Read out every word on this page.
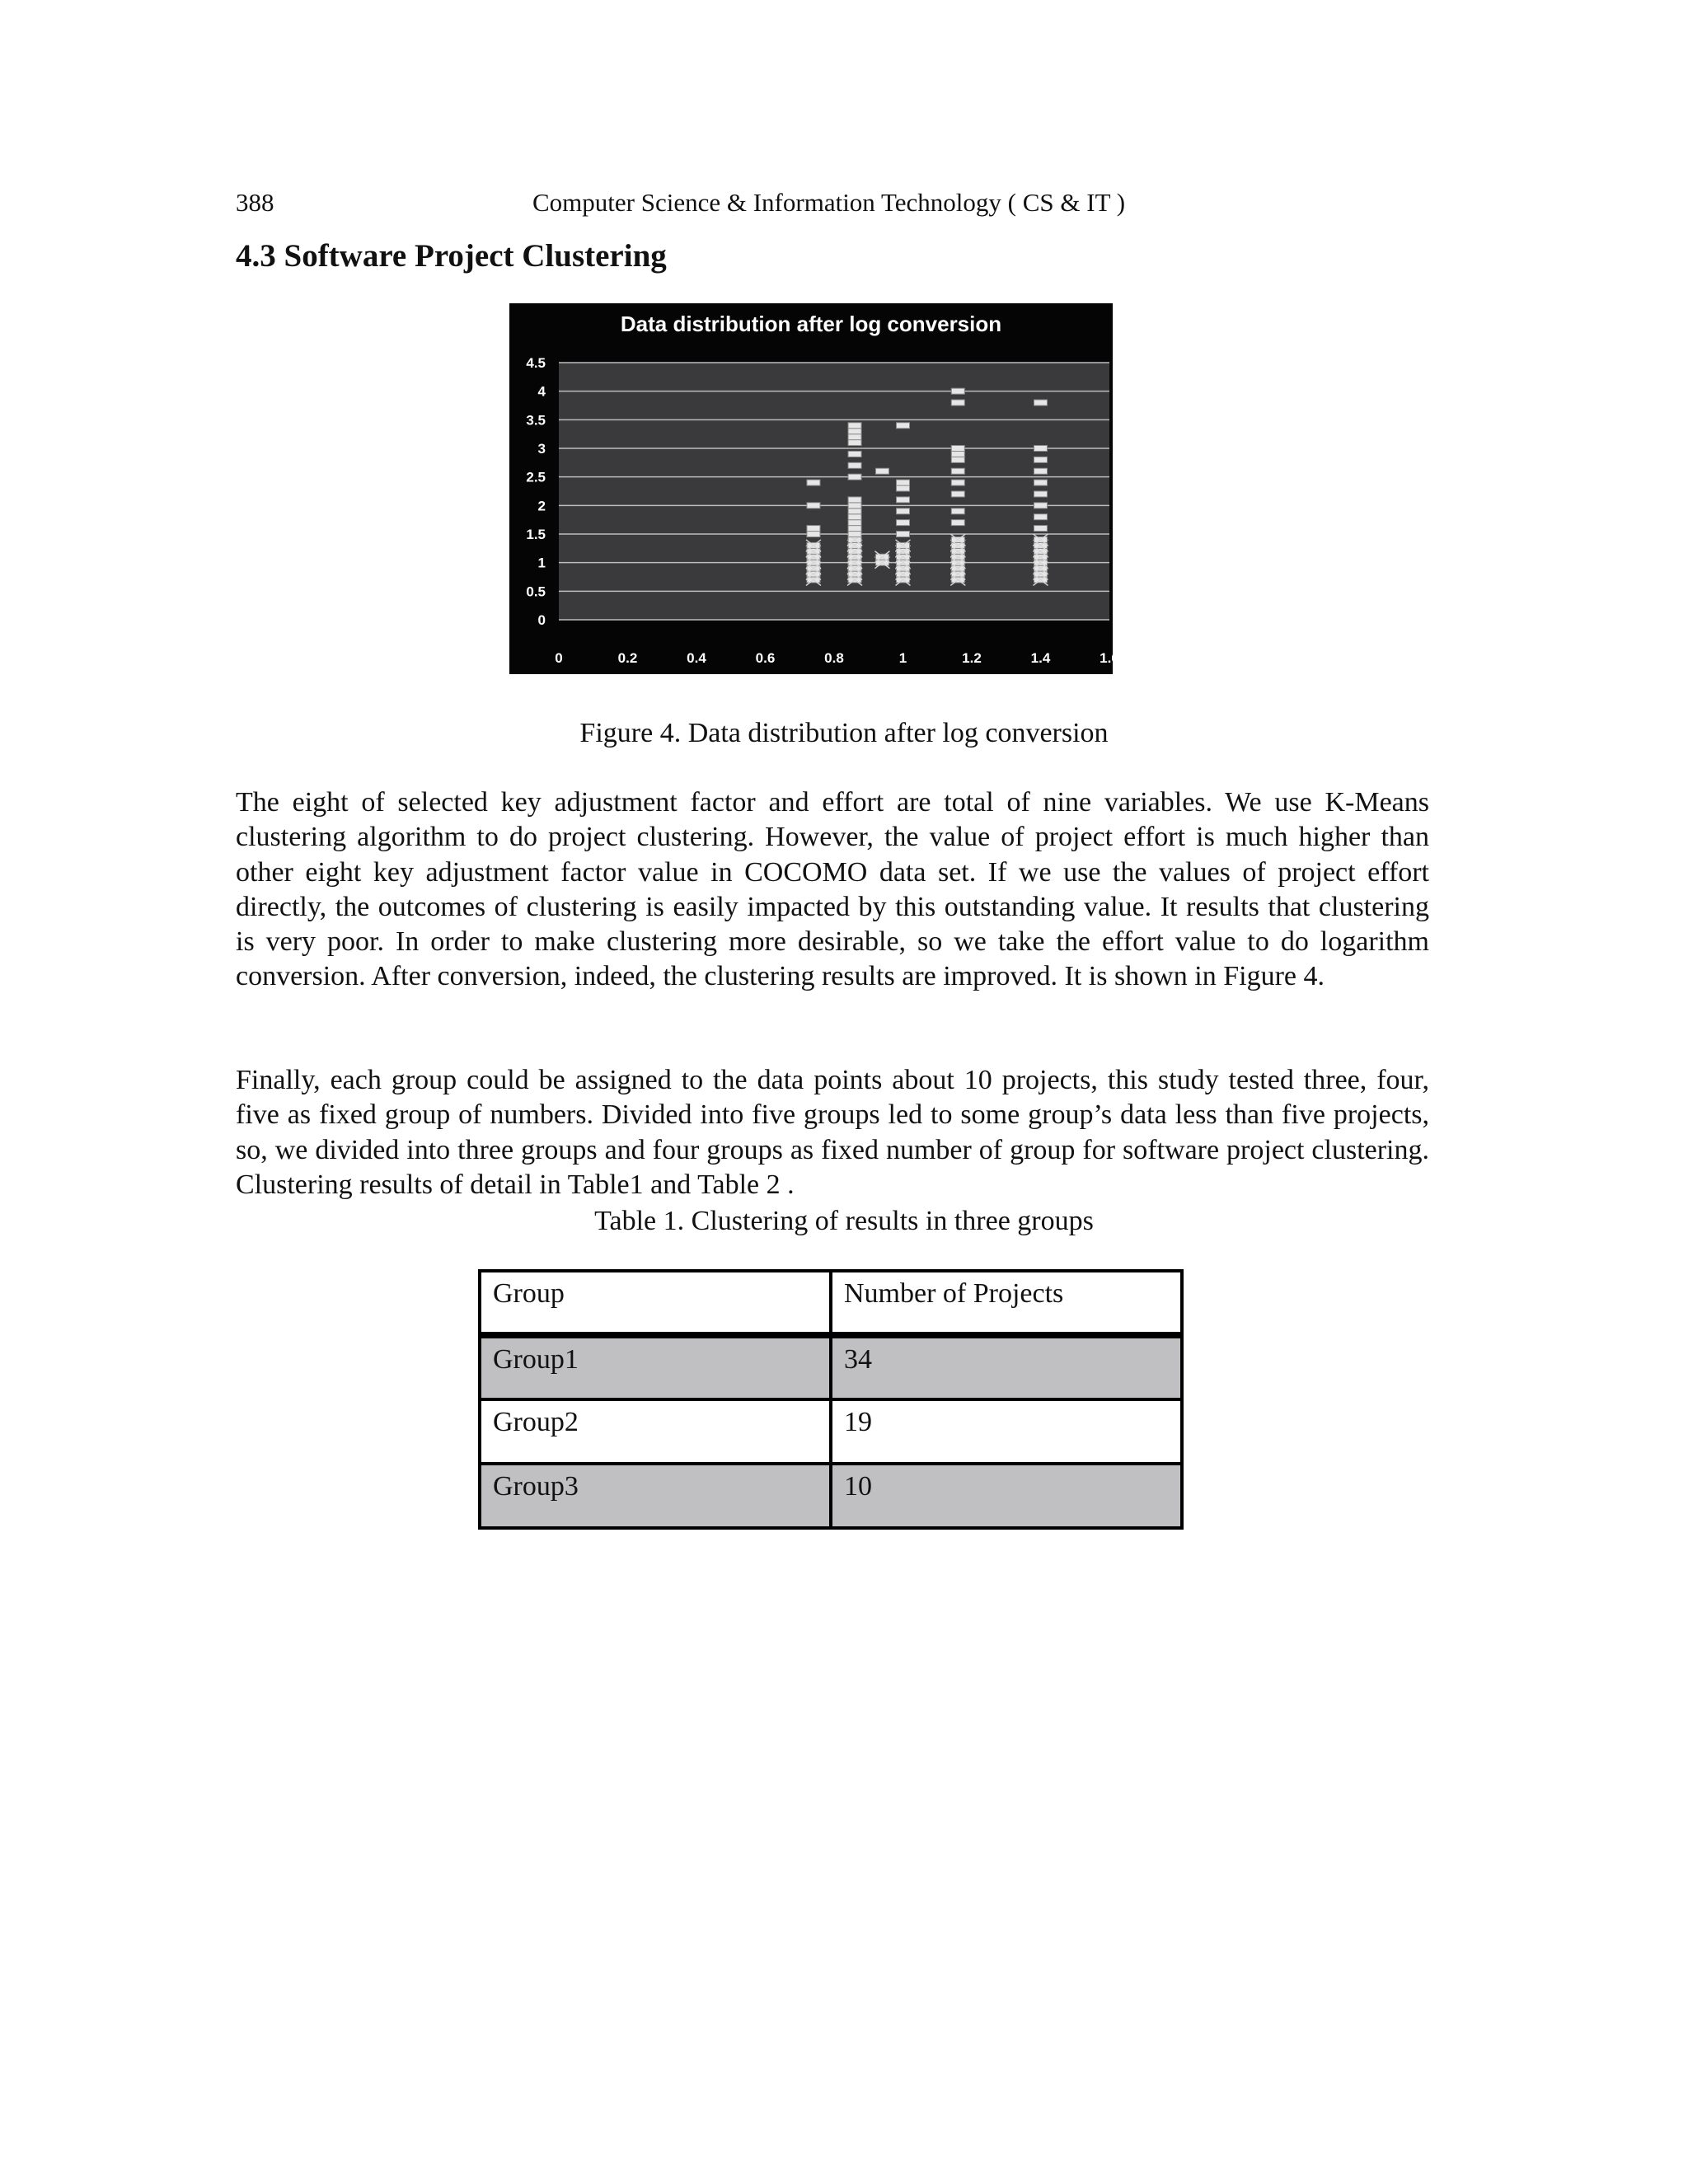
388	Computer Science & Information Technology ( CS & IT )
4.3 Software Project Clustering
Data distribution after log conversion
0
0.5
1
1.5
2
2.5
3
3.5
4
4.5
0	0.2	0.4	0.6	0.8	1	1.2	1.4	1.6
Figure 4. Data distribution after log conversion

The eight of selected key adjustment factor and effort are total of nine variables. We use K-Means clustering algorithm to do project clustering. However, the value of project effort is much higher than other eight key adjustment factor value in COCOMO data set. If we use the values of project effort directly, the outcomes of clustering is easily impacted by this outstanding value. It results that clustering is very poor. In order to make clustering more desirable, so we take the effort value to do logarithm conversion. After conversion, indeed, the clustering results are improved. It is shown in Figure 4.

Finally, each group could be assigned to the data points about 10 projects, this study tested three, four, five as fixed group of numbers. Divided into five groups led to some group’s data less than five projects, so, we divided into three groups and four groups as fixed number of group for software project clustering. Clustering results of detail in Table1 and Table 2 .

Table 1. Clustering of results in three groups
Group	Number of Projects
Group1	34
Group2	19
Group3	10
